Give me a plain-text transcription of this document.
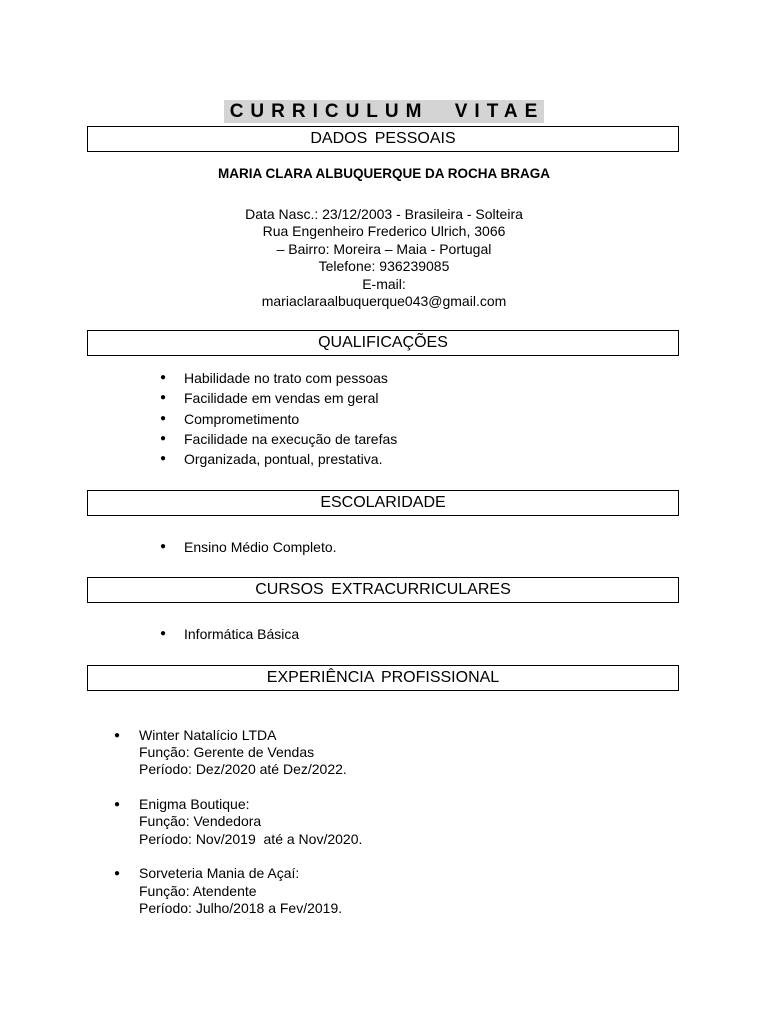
CURRICULUM VITAE
DADOS PESSOAIS
MARIA CLARA ALBUQUERQUE DA ROCHA BRAGA
Data Nasc.: 23/12/2003 - Brasileira - Solteira
Rua Engenheiro Frederico Ulrich, 3066
– Bairro: Moreira – Maia - Portugal
Telefone: 936239085
E-mail:
mariaclaraalbuquerque043@gmail.com
QUALIFICAÇÕES
● Habilidade no trato com pessoas
● Facilidade em vendas em geral
● Comprometimento
● Facilidade na execução de tarefas
● Organizada, pontual, prestativa.
ESCOLARIDADE
● Ensino Médio Completo.
CURSOS EXTRACURRICULARES
● Informática Básica
EXPERIÊNCIA PROFISSIONAL
● Winter Natalício LTDA
Função: Gerente de Vendas
Período: Dez/2020 até Dez/2022.
● Enigma Boutique:
Função: Vendedora
Período: Nov/2019  até a Nov/2020.
● Sorveteria Mania de Açaí:
Função: Atendente
Período: Julho/2018 a Fev/2019.
